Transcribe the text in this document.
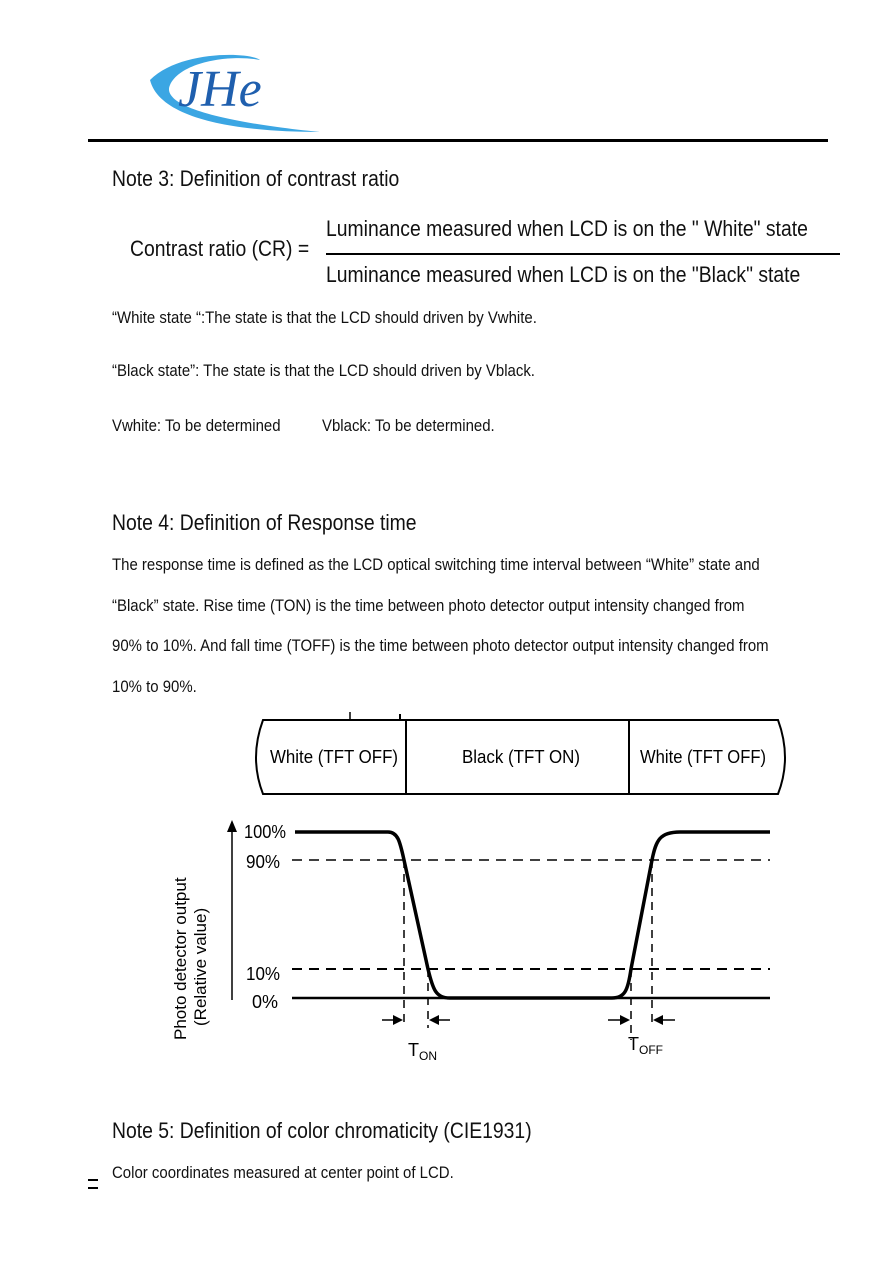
JHe
Note 3: Definition of contrast ratio
Contrast ratio (CR) =
Luminance measured when LCD is on the " White" state
Luminance measured when LCD is on the "Black" state
“White state “:The state is that the LCD should driven by Vwhite.
“Black state”: The state is that the LCD should driven by Vblack.
Vwhite: To be determined Vblack: To be determined.
Note 4: Definition of Response time
The response time is defined as the LCD optical switching time interval between “White” state and
“Black” state. Rise time (TON) is the time between photo detector output intensity changed from
90% to 10%. And fall time (TOFF) is the time between photo detector output intensity changed from
10% to 90%.
White (TFT OFF)	Black (TFT ON)	White (TFT OFF)
Photo detector output (Relative value)
100%
90%
10%
0%
$T_{ON}$
$T_{OFF}$
Note 5: Definition of color chromaticity (CIE1931)
Color coordinates measured at center point of LCD.
